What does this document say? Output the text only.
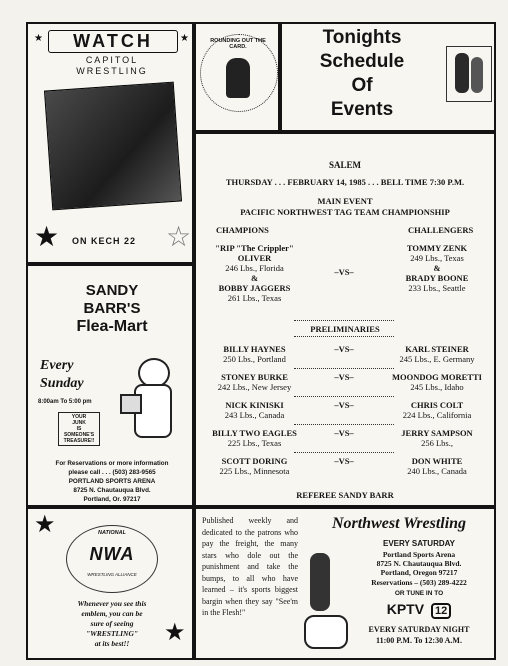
WATCH
★	★
CAPITOL
WRESTLING
★	☆
ON KECH 22
ROUNDING OUT THE CARD.	Tonights
Schedule
Of
Events
SALEM
THURSDAY . . . FEBRUARY 14, 1985 . . . BELL TIME 7:30 P.M.
MAIN EVENT
PACIFIC NORTHWEST TAG TEAM CHAMPIONSHIP
CHAMPIONS	CHALLENGERS
"RIP "The Crippler" OLIVER
246 Lbs., Florida
&
BOBBY JAGGERS
261 Lbs., Texas
–VS–
TOMMY ZENK
249 Lbs., Texas
&
BRADY BOONE
233 Lbs., Seattle
PRELIMINARIES
BILLY HAYNES
250 Lbs., Portland
–VS–	KARL STEINER
245 Lbs., E. Germany
STONEY BURKE
242 Lbs., New Jersey
–VS–	MOONDOG MORETTI
245 Lbs., Idaho
NICK KINISKI
243 Lbs., Canada
–VS–	CHRIS COLT
224 Lbs., California
BILLY TWO EAGLES
225 Lbs., Texas
–VS–	JERRY SAMPSON
256 Lbs.,
SCOTT DORING
225 Lbs., Minnesota
–VS–	DON WHITE
240 Lbs., Canada
REFEREE SANDY BARR
SANDY
BARR'S
Flea-Mart
Every
Sunday
8:00am To 5:00 pm
YOUR
JUNK
IS
SOMEONE'S
TREASURE!!
For Reservations or more information
please call . . . (503) 283-9565
PORTLAND SPORTS ARENA
8725 N. Chautauqua Blvd.
Portland, Or. 97217
★
★
NATIONAL
NWA
WRESTLING ALLIANCE
Whenever you see this
emblem, you can be
sure of seeing
"WRESTLING"
at its best!!
Published weekly and dedicated to the patrons who pay the freight, the many stars who dole out the punishment and take the bumps, to all who have learned – it's sports biggest bargin when they say "See'm in the Flesh!"
Northwest Wrestling
EVERY SATURDAY
Portland Sports Arena
8725 N. Chautauqua Blvd.
Portland, Oregon 97217
Reservations – (503) 289-4222
OR TUNE IN TO
KPTV 12
EVERY SATURDAY NIGHT
11:00 P.M. To 12:30 A.M.
